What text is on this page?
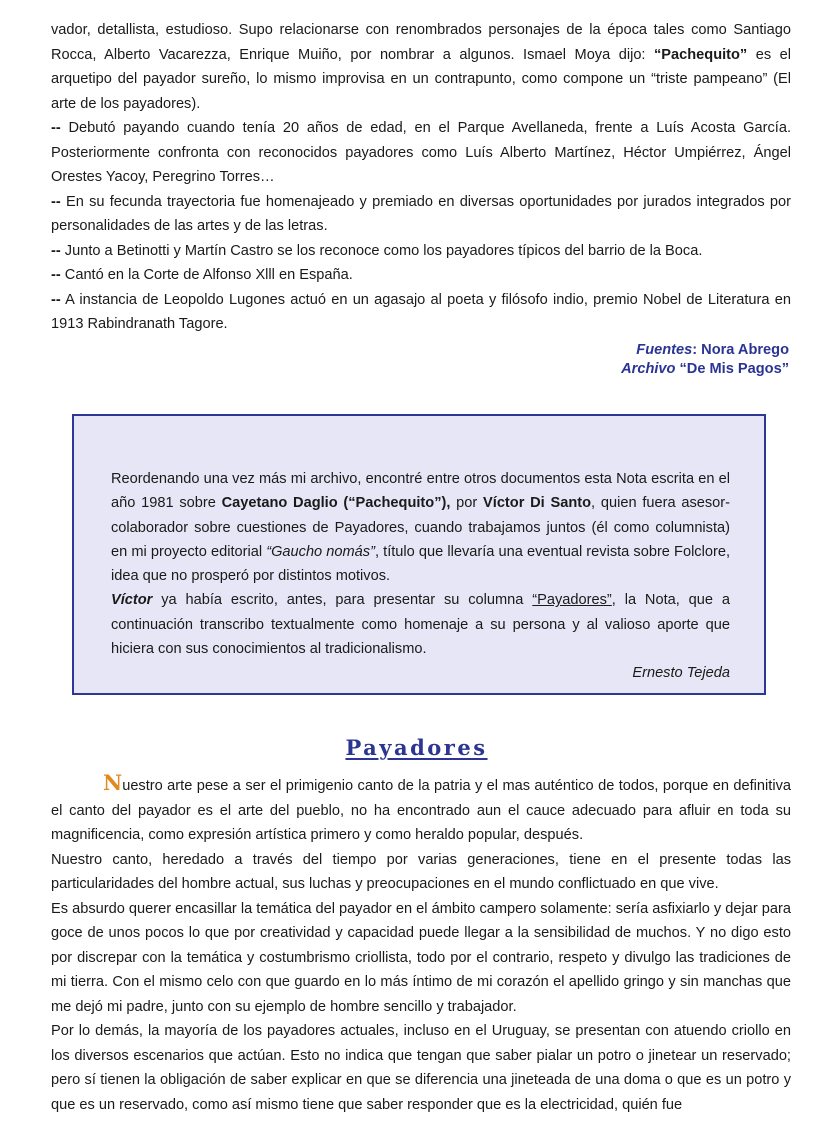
vador, detallista, estudioso. Supo relacionarse con renombrados personajes de la época tales como Santiago Rocca, Alberto Vacarezza, Enrique Muiño, por nombrar a algunos. Ismael Moya dijo: “Pachequito” es el arquetipo del payador sureño, lo mismo improvisa en un contrapunto, como compone un “triste pampeano” (El arte de los payadores).

-- Debutó payando cuando tenía 20 años de edad, en el Parque Avellaneda, frente a Luís Acosta García. Posteriormente confronta con reconocidos payadores como Luís Alberto Martínez, Héctor Umpiérrez, Ángel Orestes Yacoy, Peregrino Torres…

-- En su fecunda trayectoria fue homenajeado y premiado en diversas oportunidades por jurados integrados por personalidades de las artes y de las letras.

-- Junto a Betinotti y Martín Castro se los reconoce como los payadores típicos del barrio de la Boca.

-- Cantó en la Corte de Alfonso Xlll en España.

-- A instancia de Leopoldo Lugones actuó en un agasajo al poeta y filósofo indio, premio Nobel de Literatura en 1913 Rabindranath Tagore.

Fuentes: Nora Abrego
Archivo “De Mis Pagos”
Reordenando una vez más mi archivo, encontré entre otros documentos esta Nota escrita en el año 1981 sobre Cayetano Daglio (“Pachequito”), por Víctor Di Santo, quien fuera asesor-colaborador sobre cuestiones de Payadores, cuando trabajamos juntos (él como columnista) en mi proyecto editorial “Gaucho nomás”, título que llevaría una eventual revista sobre Folclore, idea que no prosperó por distintos motivos.
Víctor ya había escrito, antes, para presentar su columna “Payadores”, la Nota, que a continuación transcribo textualmente como homenaje a su persona y al valioso aporte que hiciera con sus conocimientos al tradicionalismo.
Ernesto Tejeda
Payadores

Nuestro arte pese a ser el primigenio canto de la patria y el mas auténtico de todos, porque en definitiva el canto del payador es el arte del pueblo, no ha encontrado aun el cauce adecuado para afluir en toda su magnificencia, como expresión artística primero y como heraldo popular, después.

Nuestro canto, heredado a través del tiempo por varias generaciones, tiene en el presente todas las particularidades del hombre actual, sus luchas y preocupaciones en el mundo conflictuado en que vive.

Es absurdo querer encasillar la temática del payador en el ámbito campero solamente: sería asfixiarlo y dejar para goce de unos pocos lo que por creatividad y capacidad puede llegar a la sensibilidad de muchos. Y no digo esto por discrepar con la temática y costumbrismo criollista, todo por el contrario, respeto y divulgo las tradiciones de mi tierra. Con el mismo celo con que guardo en lo más íntimo de mi corazón el apellido gringo y sin manchas que me dejó mi padre, junto con su ejemplo de hombre sencillo y trabajador.

Por lo demás, la mayoría de los payadores actuales, incluso en el Uruguay, se presentan con atuendo criollo en los diversos escenarios que actúan. Esto no indica que tengan que saber pialar un potro o jinetear un reservado; pero sí tienen la obligación de saber explicar en que se diferencia una jineteada de una doma o que es un potro y que es un reservado, como así mismo tiene que saber responder que es la electricidad, quién fue
